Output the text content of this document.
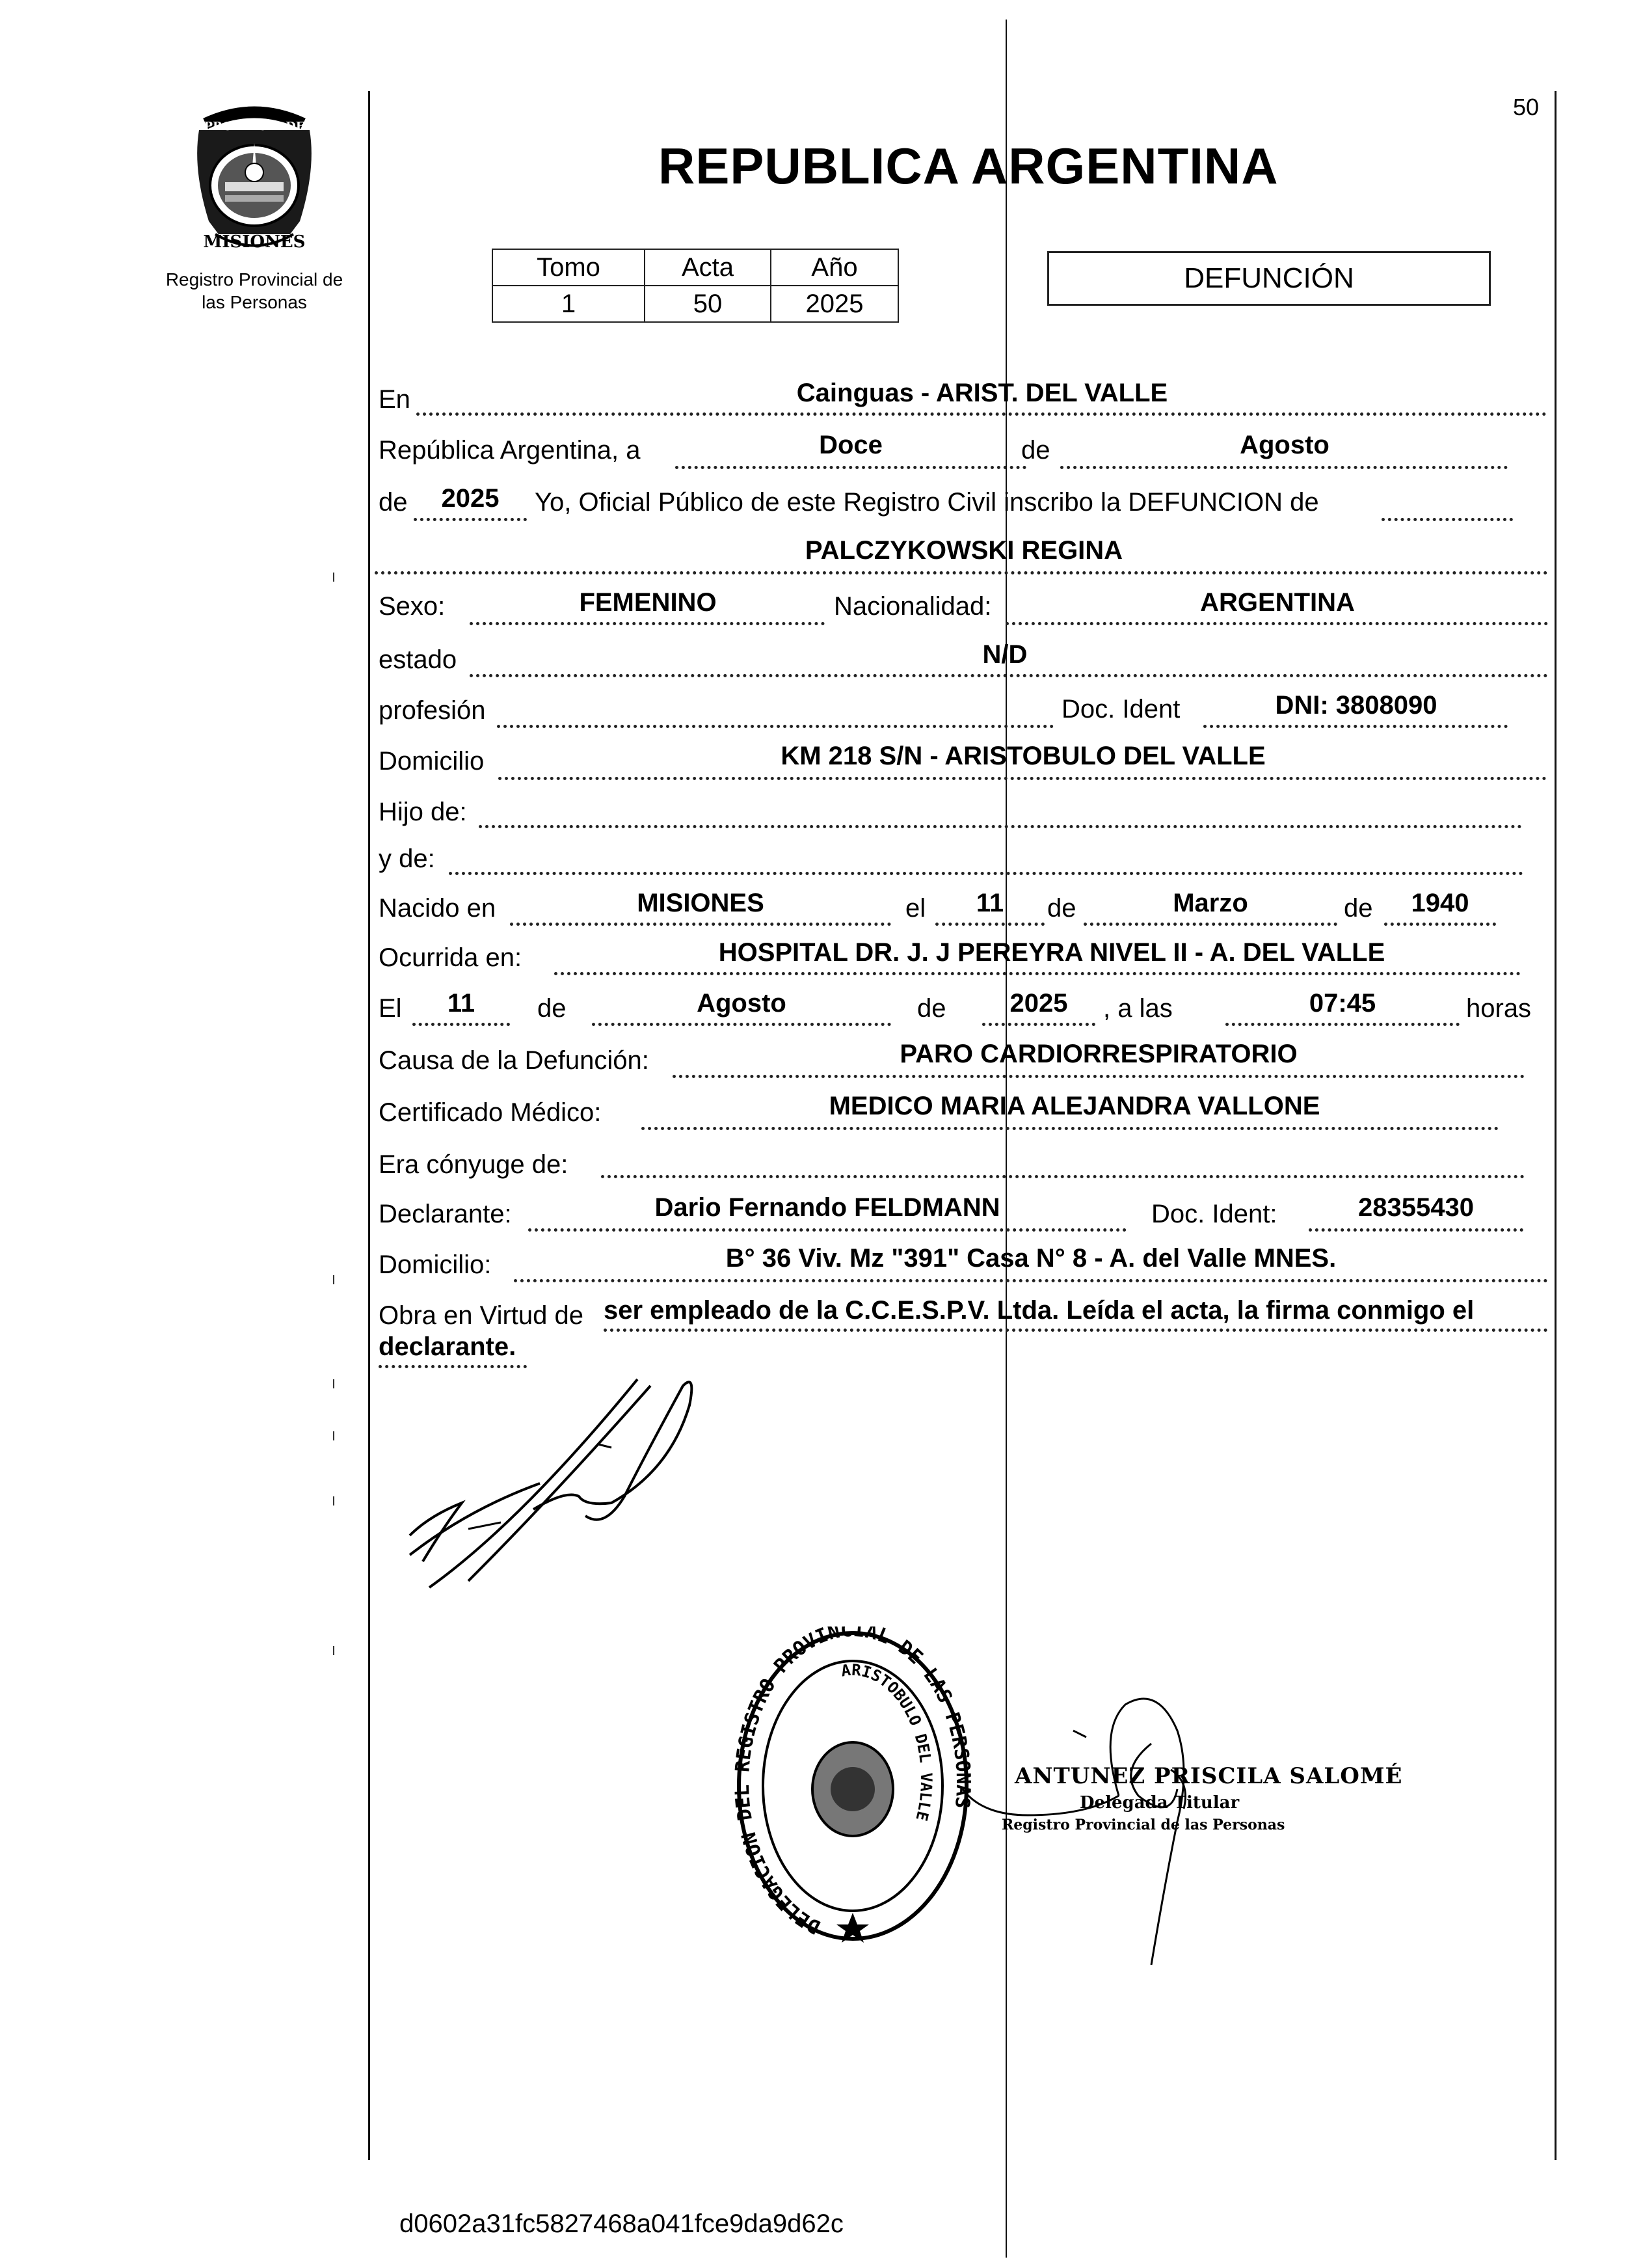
50
PROVINCIA DE
MISIONES
Registro Provincial de las Personas
REPUBLICA ARGENTINA
Tomo	Acta	Año
1	50	2025
DEFUNCIÓN
En	Cainguas - ARIST. DEL VALLE
República Argentina, a	Doce	de	Agosto
de	2025	Yo, Oficial Público de este Registro Civil inscribo la DEFUNCION de
PALCZYKOWSKI REGINA
Sexo:	FEMENINO	Nacionalidad:	ARGENTINA
estado	N/D
profesión	Doc. Ident	DNI: 3808090
Domicilio	KM 218 S/N - ARISTOBULO DEL VALLE
Hijo de:
y de:
Nacido en	MISIONES	el	11	de	Marzo	de	1940
Ocurrida en:	HOSPITAL DR. J. J PEREYRA NIVEL II - A. DEL VALLE
El	11	de	Agosto	de	2025	, a las	07:45	horas
Causa de la Defunción:	PARO CARDIORRESPIRATORIO
Certificado Médico:	MEDICO MARIA ALEJANDRA VALLONE
Era cónyuge de:
Declarante:	Dario Fernando FELDMANN	Doc. Ident:	28355430
Domicilio:	B° 36 Viv. Mz "391" Casa N° 8 - A. del Valle MNES.
Obra en Virtud de ser empleado de la C.C.E.S.P.V. Ltda. Leída el acta, la firma conmigo el
declarante.
DELEGACION DEL REGISTRO PROVINCIAL DE LAS PERSONAS
ARISTOBULO DEL VALLE
ANTUNEZ PRISCILA SALOMÉ
Delegada Titular
Registro Provincial de las Personas
d0602a31fc5827468a041fce9da9d62c
